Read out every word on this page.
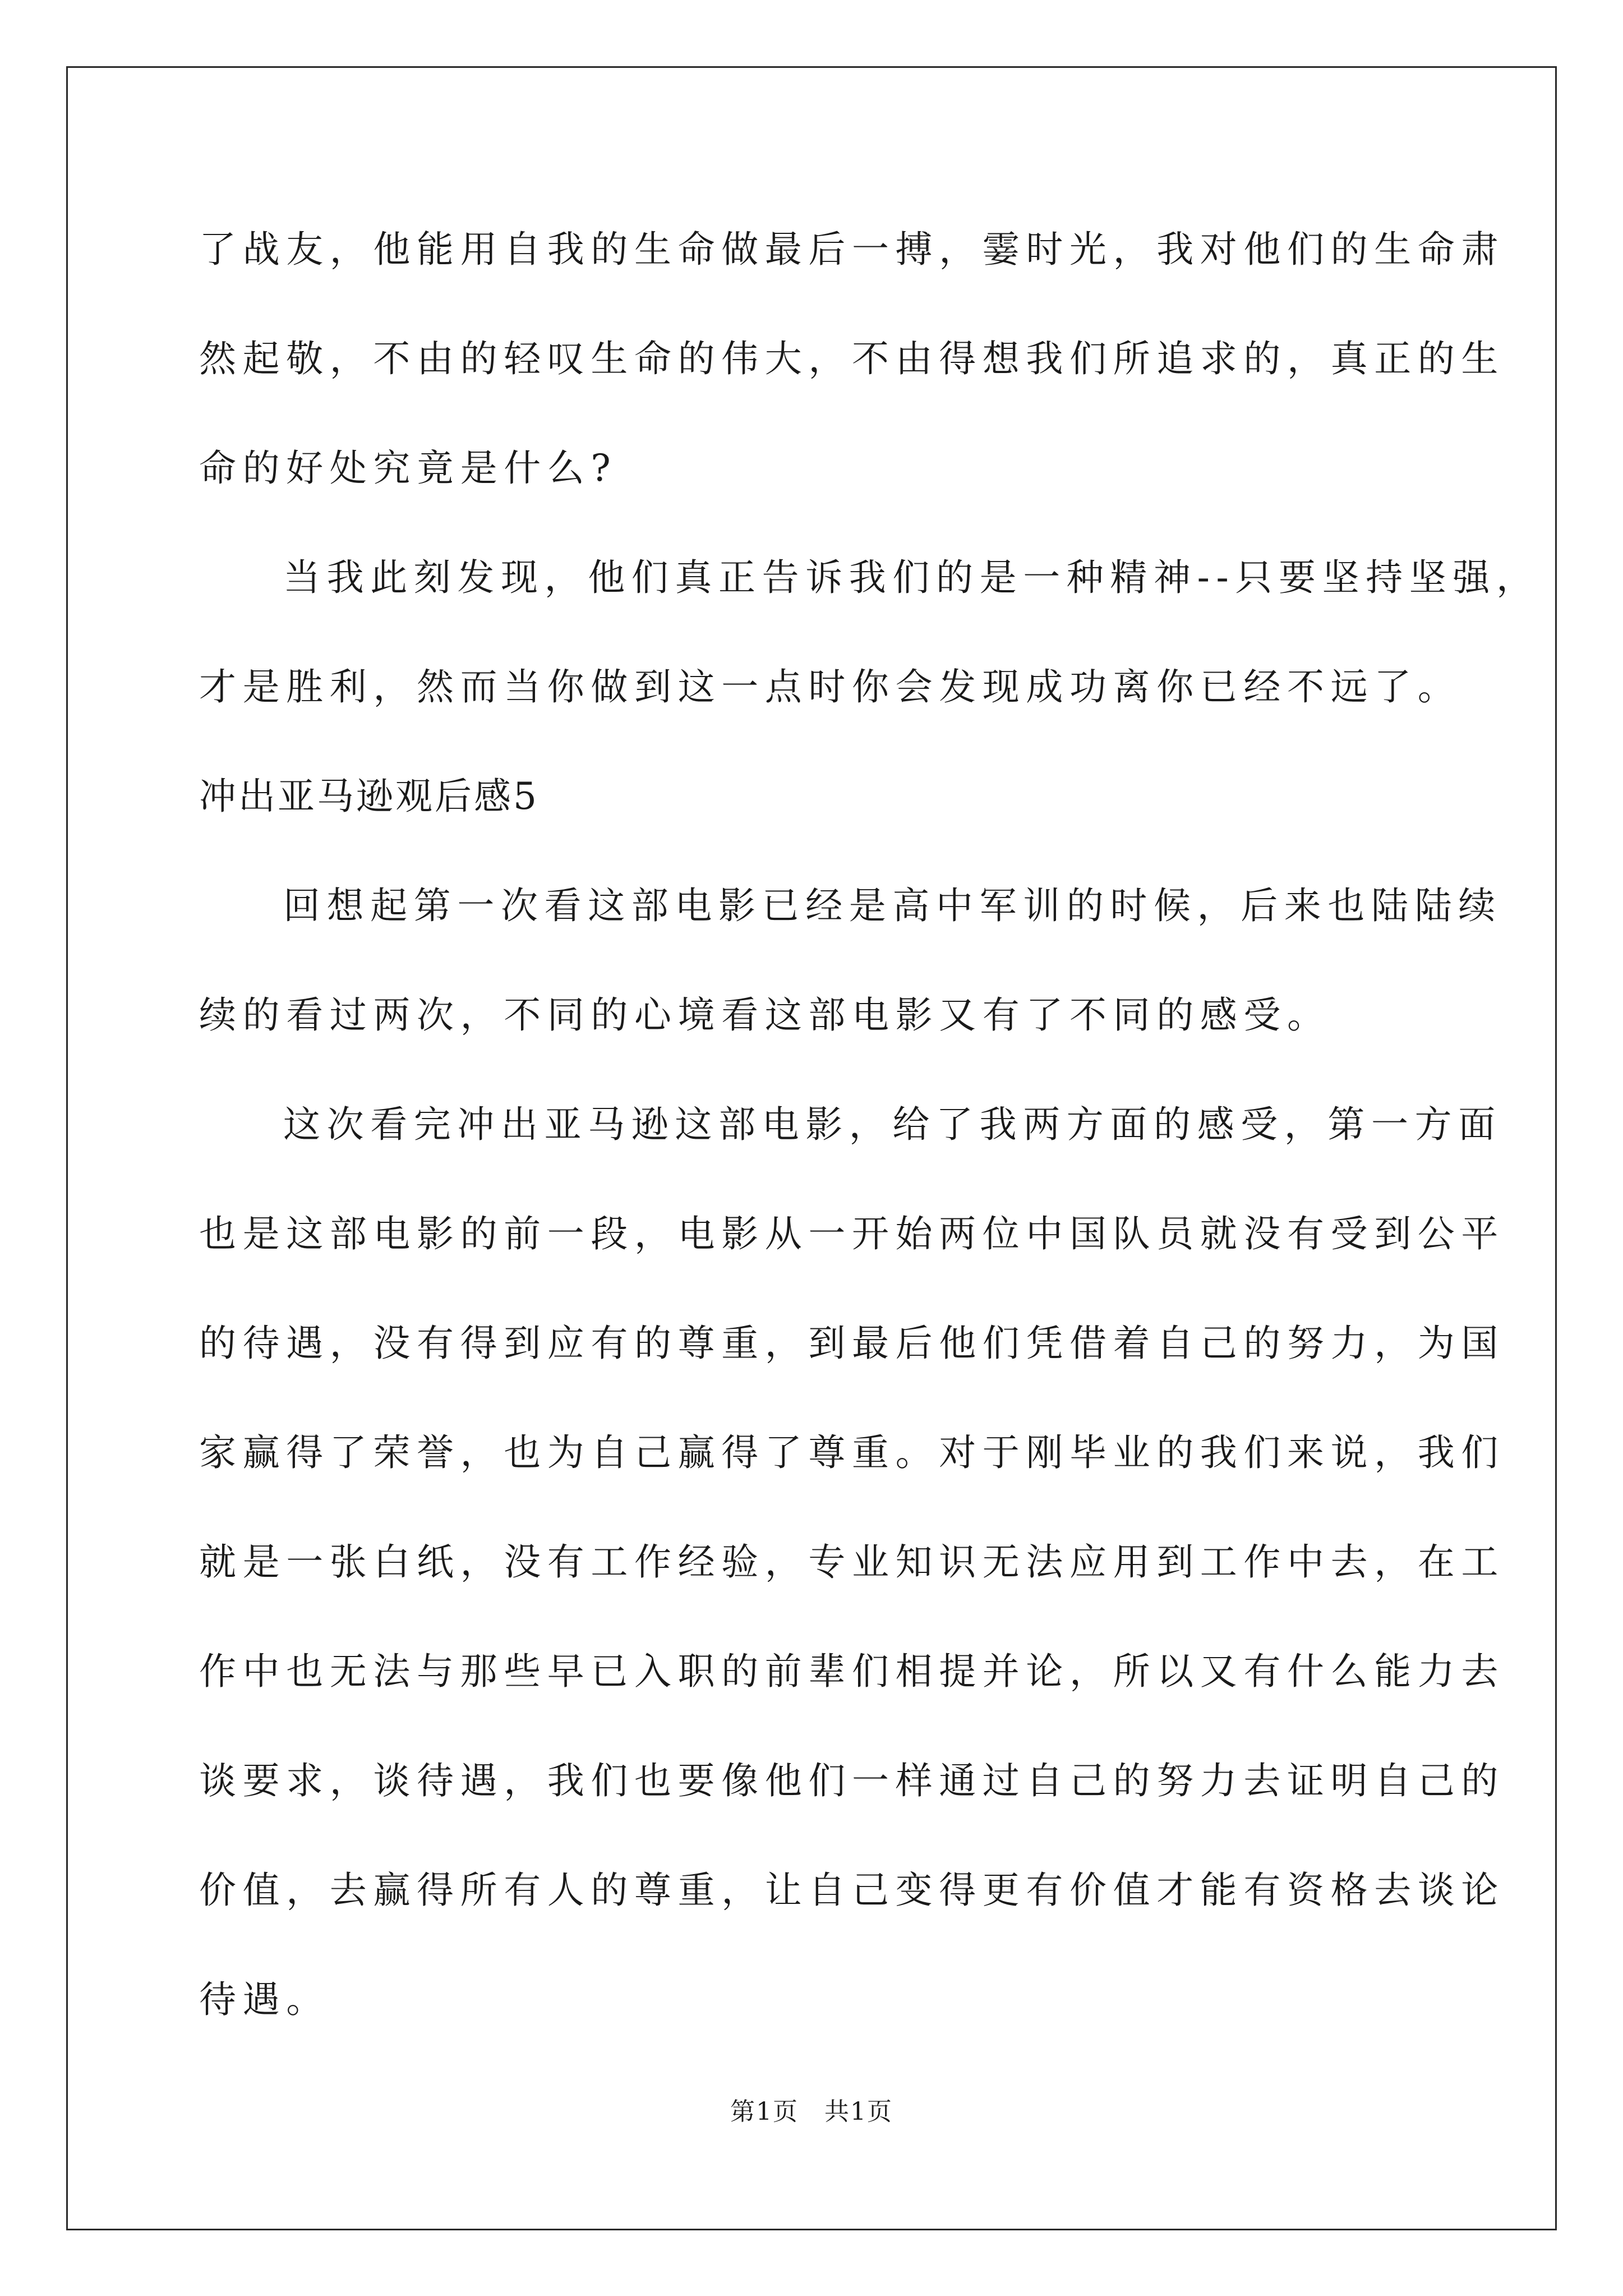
了战友，他能用自我的生命做最后一搏，霎时光，我对他们的生命肃
然起敬，不由的轻叹生命的伟大，不由得想我们所追求的，真正的生
命的好处究竟是什么?
当我此刻发现，他们真正告诉我们的是一种精神--只要坚持坚强，
才是胜利，然而当你做到这一点时你会发现成功离你已经不远了。
冲出亚马逊观后感5
回想起第一次看这部电影已经是高中军训的时候，后来也陆陆续
续的看过两次，不同的心境看这部电影又有了不同的感受。
这次看完冲出亚马逊这部电影，给了我两方面的感受，第一方面
也是这部电影的前一段，电影从一开始两位中国队员就没有受到公平
的待遇，没有得到应有的尊重，到最后他们凭借着自己的努力，为国
家赢得了荣誉，也为自己赢得了尊重。对于刚毕业的我们来说，我们
就是一张白纸，没有工作经验，专业知识无法应用到工作中去，在工
作中也无法与那些早已入职的前辈们相提并论，所以又有什么能力去
谈要求，谈待遇，我们也要像他们一样通过自己的努力去证明自己的
价值，去赢得所有人的尊重，让自己变得更有价值才能有资格去谈论
待遇。
第1页　共1页
